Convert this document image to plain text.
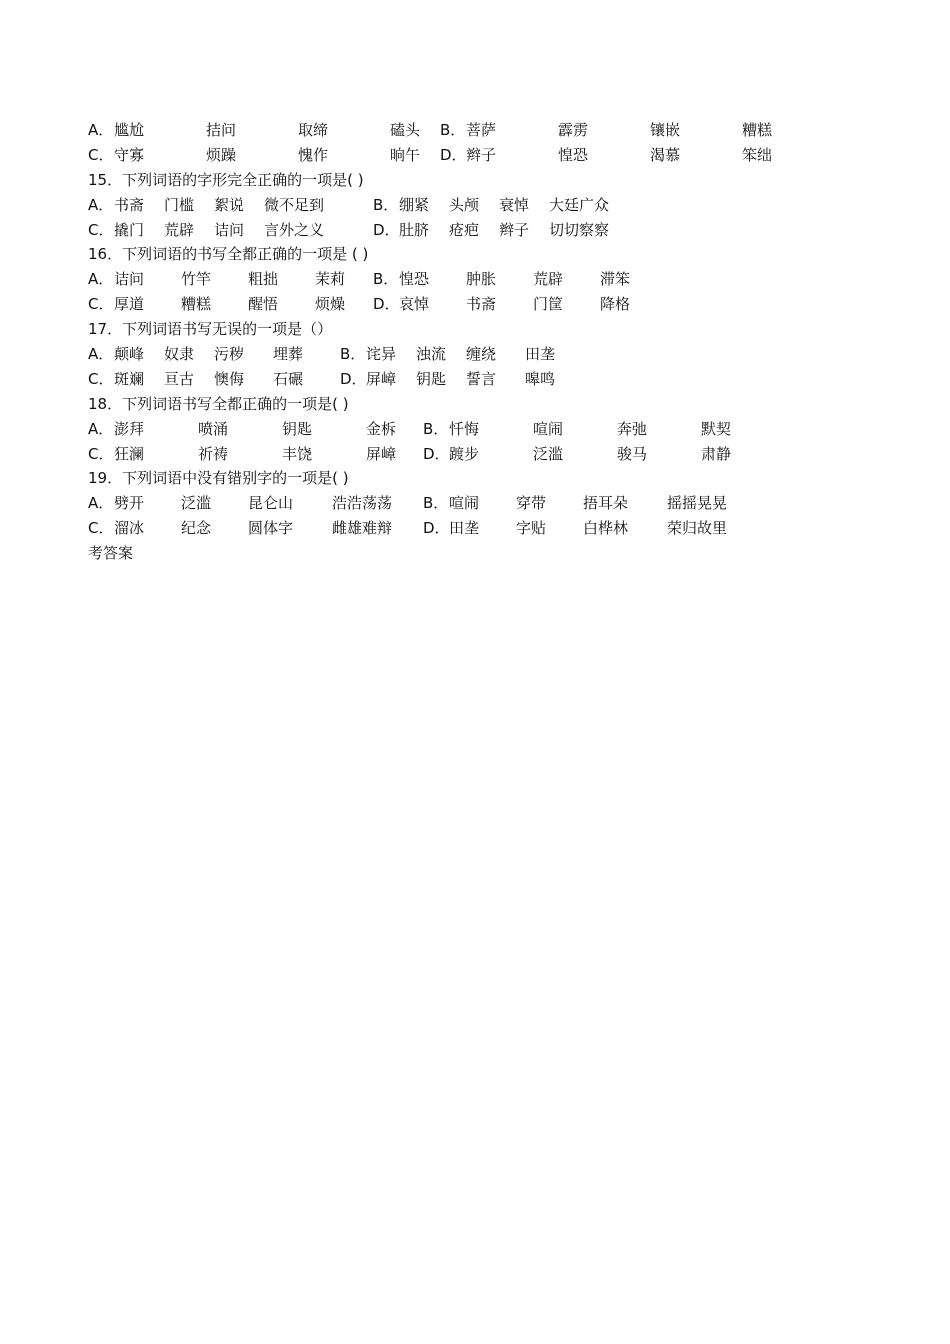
A． 尴尬	拮问	取缔	磕头 B． 菩萨	霹雳	镶嵌	糟糕
C． 守寡	烦躁	愧作	晌午 D． 辫子	惶恐	渴慕	笨绌
15．下列词语的字形完全正确的一项是( )
A． 书斋 门槛 絮说 微不足到	B． 绷紧 头颅 衰悼 大廷广众
C． 撬门 荒辟 诘问 言外之义	D． 肚脐 疮疤 辫子 切切察察
16．下列词语的书写全都正确的一项是 ( )
A． 诘问 竹竿 粗拙 茉莉 B． 惶恐 肿胀 荒辟 滞笨
C． 厚道 糟糕 醒悟 烦燥 D． 哀悼 书斋 门筐 降格
17．下列词语书写无误的一项是（）
A． 颠峰 奴隶 污秽 埋葬 B． 诧异 浊流 缠绕 田垄
C． 斑斓 亘古 懊侮 石碾 D． 屏嶂 钥匙 誓言 嗥鸣
18．下列词语书写全都正确的一项是( )
A． 澎拜	喷涌	钥匙	金柝 B． 忏悔	喧闹	奔弛	默契
C． 狂澜	祈祷	丰饶	屏嶂 D． 踱步	泛滥	骏马	肃静
19．下列词语中没有错别字的一项是( )
A． 劈开 泛滥 昆仑山	浩浩荡荡 B． 喧闹 穿带 捂耳朵	摇摇晃晃
C． 溜冰 纪念 圆体字	雌雄难辩 D． 田垄 字贴 白桦林	荣归故里
考答案
